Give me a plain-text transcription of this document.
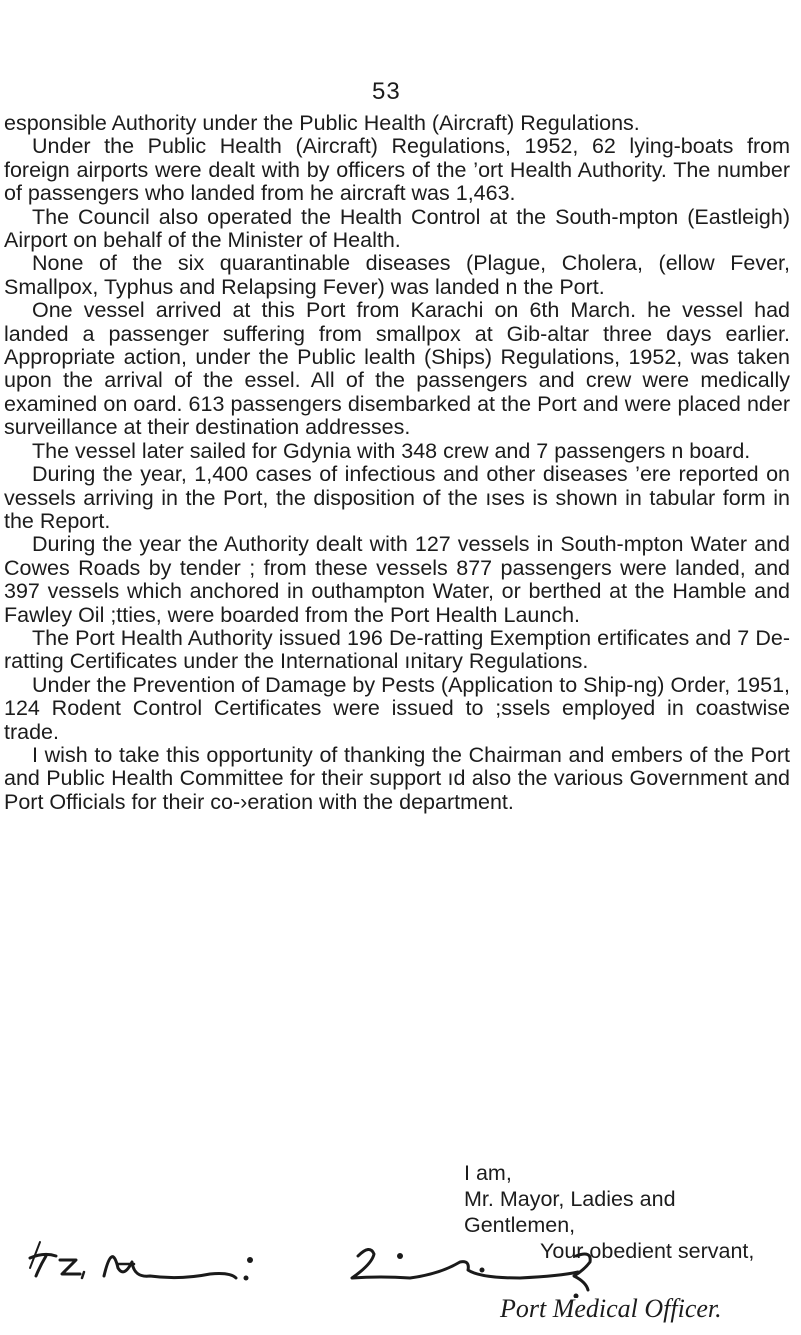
53

esponsible Authority under the Public Health (Aircraft) Regulations.

Under the Public Health (Aircraft) Regulations, 1952, 62 lying-boats from foreign airports were dealt with by officers of the ’ort Health Authority. The number of passengers who landed from he aircraft was 1,463.

The Council also operated the Health Control at the South-mpton (Eastleigh) Airport on behalf of the Minister of Health.

None of the six quarantinable diseases (Plague, Cholera, (ellow Fever, Smallpox, Typhus and Relapsing Fever) was landed n the Port.

One vessel arrived at this Port from Karachi on 6th March. he vessel had landed a passenger suffering from smallpox at Gib-altar three days earlier. Appropriate action, under the Public lealth (Ships) Regulations, 1952, was taken upon the arrival of the essel. All of the passengers and crew were medically examined on oard. 613 passengers disembarked at the Port and were placed nder surveillance at their destination addresses.

The vessel later sailed for Gdynia with 348 crew and 7 passengers n board.

During the year, 1,400 cases of infectious and other diseases ’ere reported on vessels arriving in the Port, the disposition of the ıses is shown in tabular form in the Report.

During the year the Authority dealt with 127 vessels in South-mpton Water and Cowes Roads by tender ; from these vessels 877 passengers were landed, and 397 vessels which anchored in outhampton Water, or berthed at the Hamble and Fawley Oil ;tties, were boarded from the Port Health Launch.

The Port Health Authority issued 196 De-ratting Exemption ertificates and 7 De-ratting Certificates under the International ınitary Regulations.

Under the Prevention of Damage by Pests (Application to Ship-ng) Order, 1951, 124 Rodent Control Certificates were issued to ;ssels employed in coastwise trade.

I wish to take this opportunity of thanking the Chairman and embers of the Port and Public Health Committee for their support ıd also the various Government and Port Officials for their co-›eration with the department.

I am,
Mr. Mayor, Ladies and Gentlemen,
Your obedient servant,
Port Medical Officer.
